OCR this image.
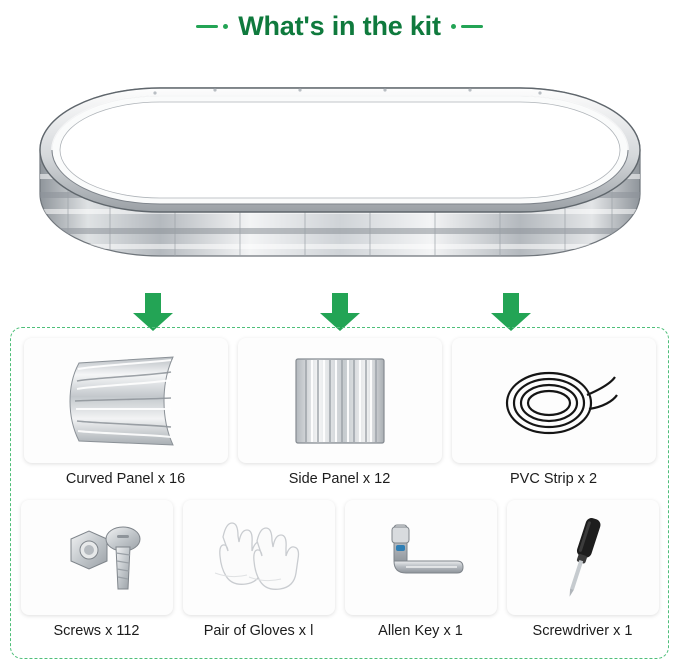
What's in the kit
Curved Panel x 16	Side Panel x 12	PVC Strip x 2
Screws x 112	Pair of Gloves x l	Allen Key x 1	Screwdriver x 1
